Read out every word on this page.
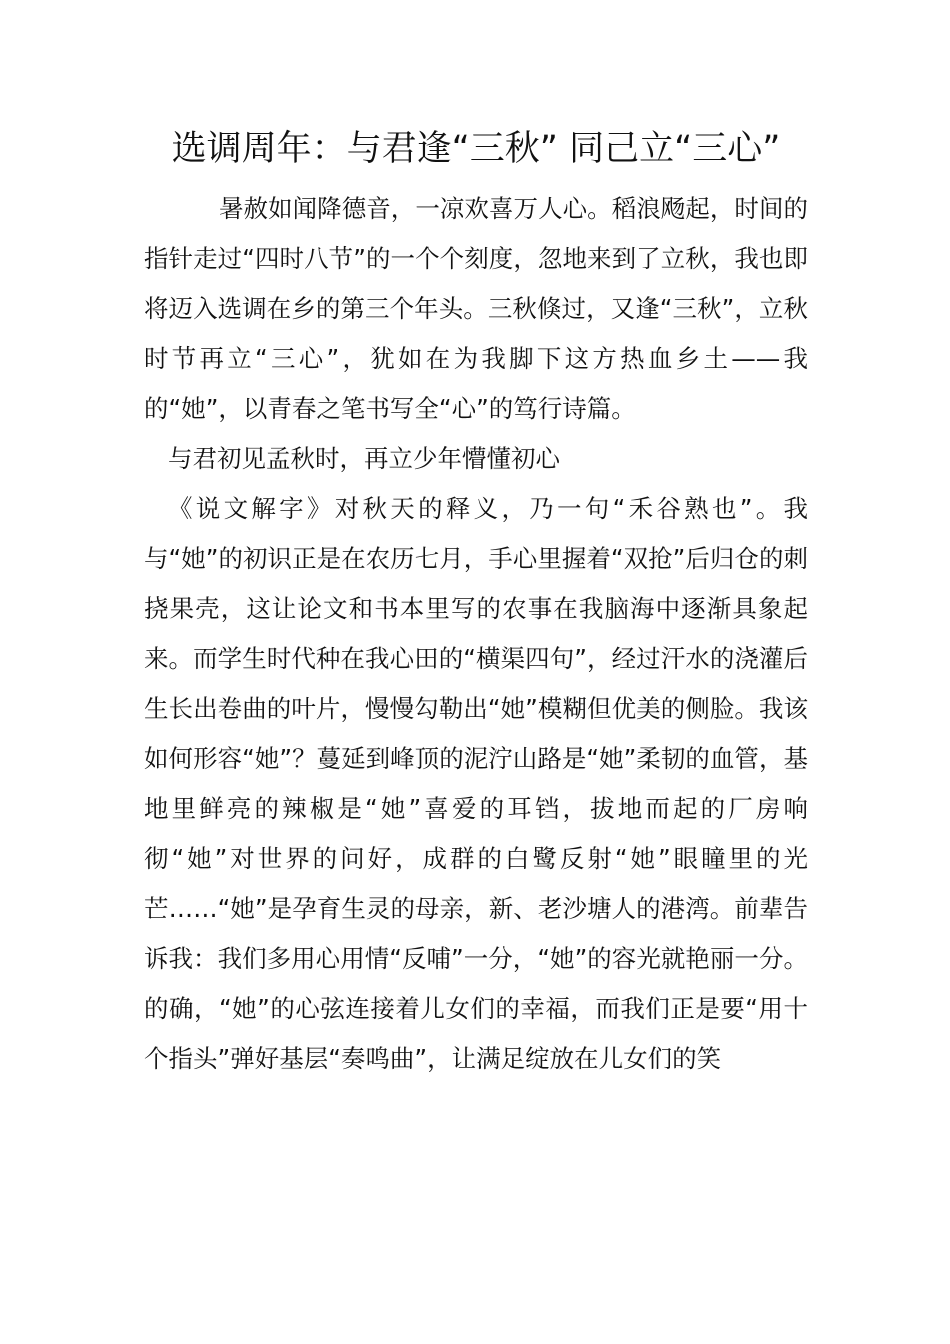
选调周年：与君逢“三秋” 同己立“三心”

暑赦如闻降德音，一凉欢喜万人心。稻浪飏起，时间的指针走过“四时八节”的一个个刻度，忽地来到了立秋，我也即将迈入选调在乡的第三个年头。三秋倏过，又逢“三秋”，立秋时节再立“三心”，犹如在为我脚下这方热血乡土——我的“她”，以青春之笔书写全“心”的笃行诗篇。

与君初见孟秋时，再立少年懵懂初心

《说文解字》对秋天的释义，乃一句“禾谷熟也”。我与“她”的初识正是在农历七月，手心里握着“双抢”后归仓的刺挠果壳，这让论文和书本里写的农事在我脑海中逐渐具象起来。而学生时代种在我心田的“横渠四句”，经过汗水的浇灌后生长出卷曲的叶片，慢慢勾勒出“她”模糊但优美的侧脸。我该如何形容“她”？蔓延到峰顶的泥泞山路是“她”柔韧的血管，基地里鲜亮的辣椒是“她”喜爱的耳铛，拔地而起的厂房响彻“她”对世界的问好，成群的白鹭反射“她”眼瞳里的光芒……“她”是孕育生灵的母亲，新、老沙塘人的港湾。前辈告诉我：我们多用心用情“反哺”一分，“她”的容光就艳丽一分。的确，“她”的心弦连接着儿女们的幸福，而我们正是要“用十个指头”弹好基层“奏鸣曲”，让满足绽放在儿女们的笑
